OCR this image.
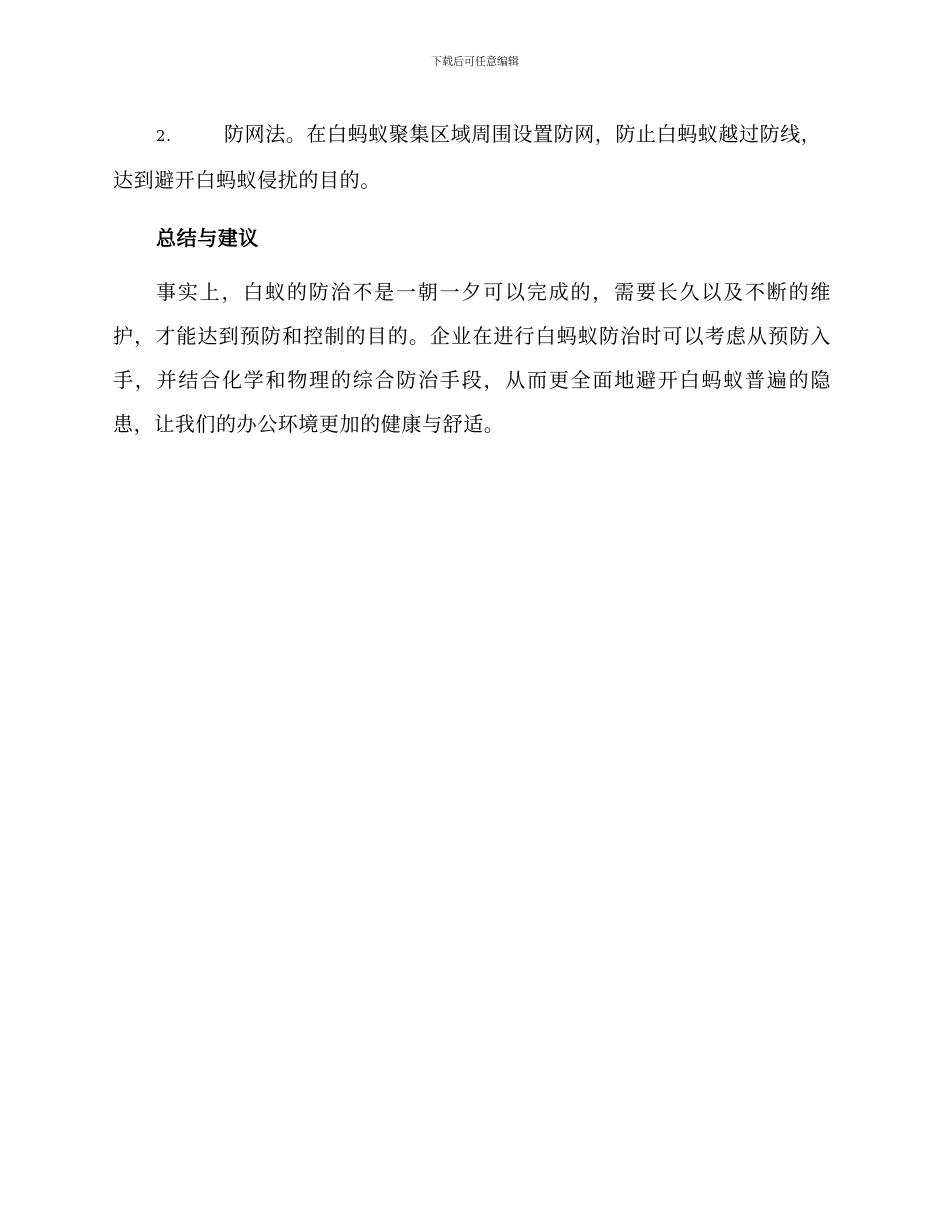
下载后可任意编辑

2.	防网法。在白蚂蚁聚集区域周围设置防网，防止白蚂蚁越过防线，达到避开白蚂蚁侵扰的目的。

总结与建议

事实上，白蚁的防治不是一朝一夕可以完成的，需要长久以及不断的维护，才能达到预防和控制的目的。企业在进行白蚂蚁防治时可以考虑从预防入手，并结合化学和物理的综合防治手段，从而更全面地避开白蚂蚁普遍的隐患，让我们的办公环境更加的健康与舒适。
